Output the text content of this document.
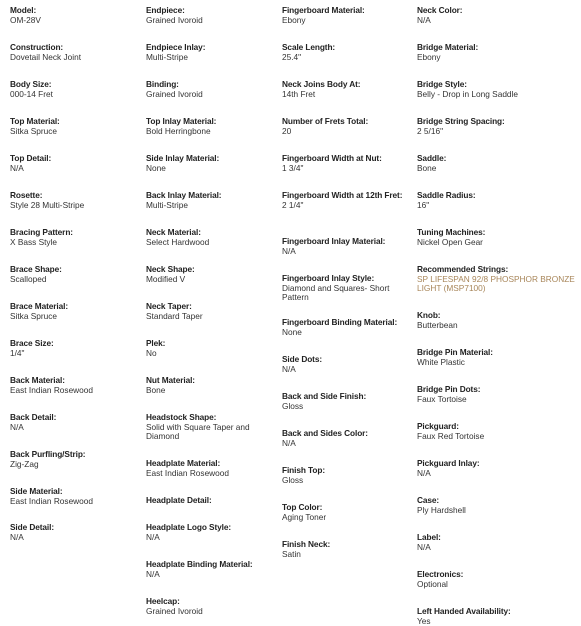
Model:
OM-28V
Construction:
Dovetail Neck Joint
Body Size:
000-14 Fret
Top Material:
Sitka Spruce
Top Detail:
N/A
Rosette:
Style 28 Multi-Stripe
Bracing Pattern:
X Bass Style
Brace Shape:
Scalloped
Brace Material:
Sitka Spruce
Brace Size:
1/4"
Back Material:
East Indian Rosewood
Back Detail:
N/A
Back Purfling/Strip:
Zig-Zag
Side Material:
East Indian Rosewood
Side Detail:
N/A
Endpiece:
Grained Ivoroid
Endpiece Inlay:
Multi-Stripe
Binding:
Grained Ivoroid
Top Inlay Material:
Bold Herringbone
Side Inlay Material:
None
Back Inlay Material:
Multi-Stripe
Neck Material:
Select Hardwood
Neck Shape:
Modified V
Neck Taper:
Standard Taper
Plek:
No
Nut Material:
Bone
Headstock Shape:
Solid with Square Taper and Diamond
Headplate Material:
East Indian Rosewood
Headplate Detail:
Headplate Logo Style:
N/A
Headplate Binding Material:
N/A
Heelcap:
Grained Ivoroid
Fingerboard Material:
Ebony
Scale Length:
25.4"
Neck Joins Body At:
14th Fret
Number of Frets Total:
20
Fingerboard Width at Nut:
1 3/4"
Fingerboard Width at 12th Fret:
2 1/4"
Fingerboard Inlay Material:
N/A
Fingerboard Inlay Style:
Diamond and Squares- Short Pattern
Fingerboard Binding Material:
None
Side Dots:
N/A
Back and Side Finish:
Gloss
Back and Sides Color:
N/A
Finish Top:
Gloss
Top Color:
Aging Toner
Finish Neck:
Satin
Neck Color:
N/A
Bridge Material:
Ebony
Bridge Style:
Belly - Drop in Long Saddle
Bridge String Spacing:
2 5/16"
Saddle:
Bone
Saddle Radius:
16"
Tuning Machines:
Nickel Open Gear
Recommended Strings:
SP LIFESPAN 92/8 PHOSPHOR BRONZE LIGHT (MSP7100)
Knob:
Butterbean
Bridge Pin Material:
White Plastic
Bridge Pin Dots:
Faux Tortoise
Pickguard:
Faux Red Tortoise
Pickguard Inlay:
N/A
Case:
Ply Hardshell
Label:
N/A
Electronics:
Optional
Left Handed Availability:
Yes
